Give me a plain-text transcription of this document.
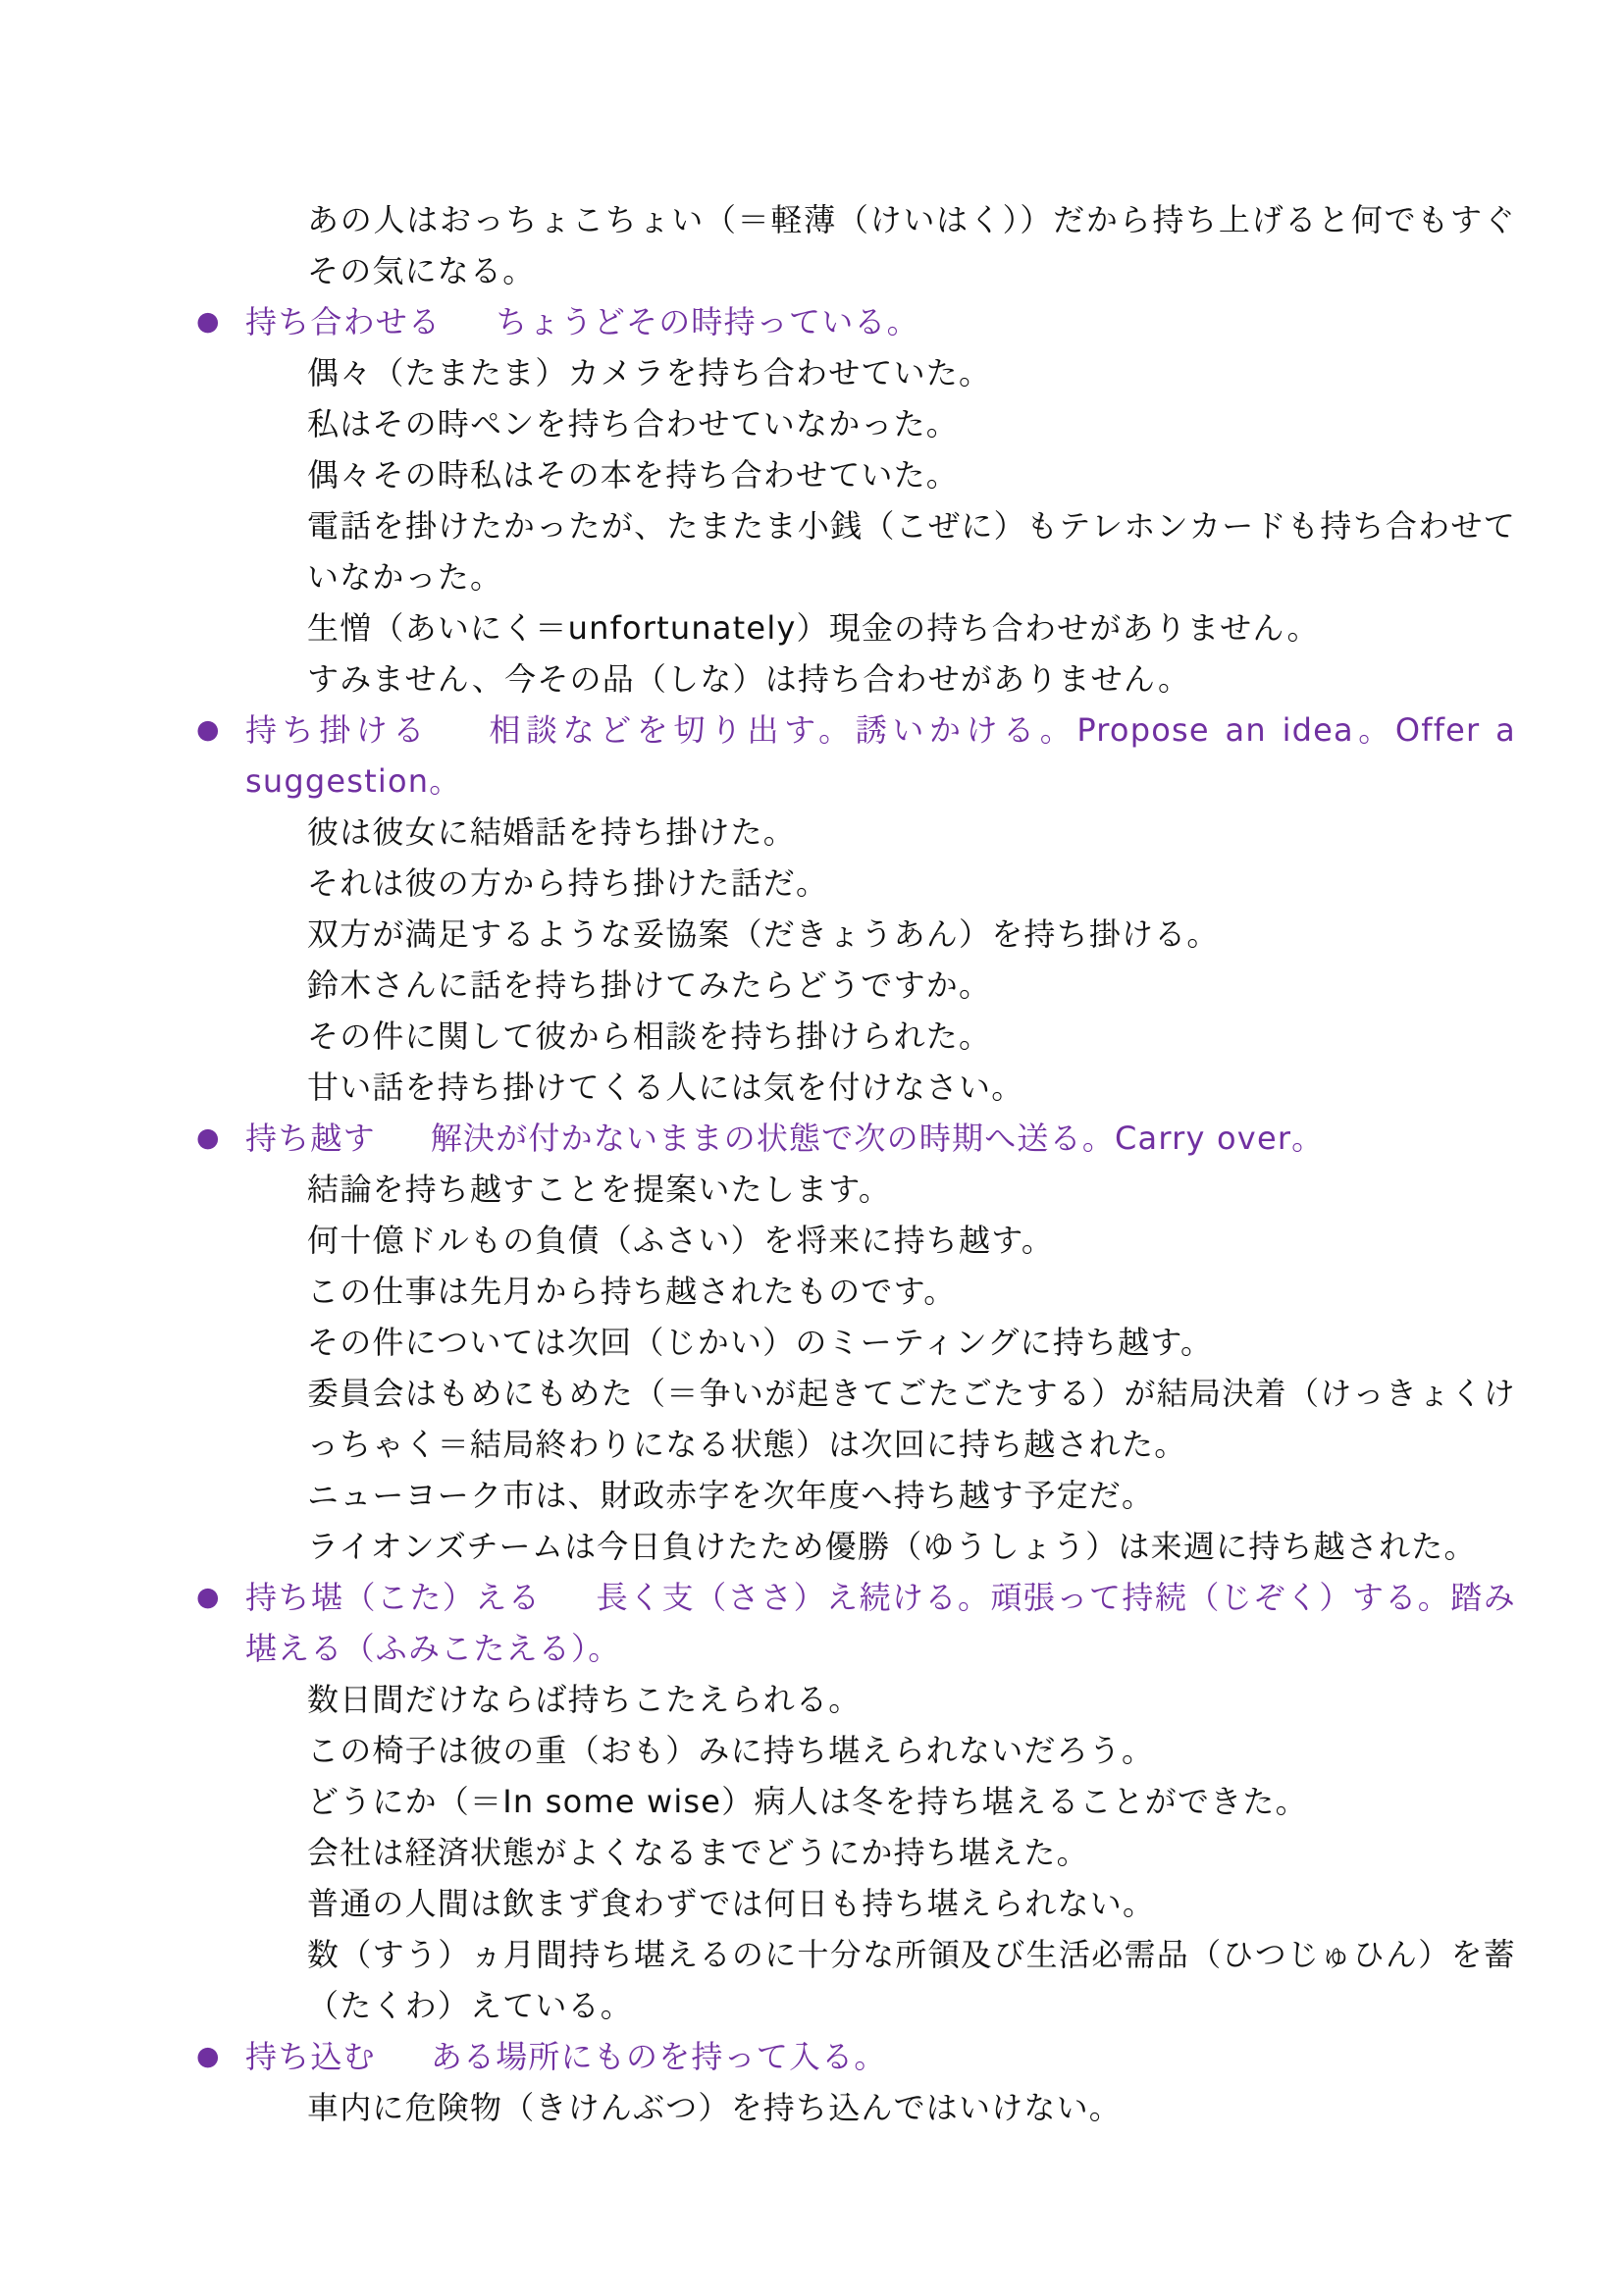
あの人はおっちょこちょい（＝軽薄（けいはく））だから持ち上げると何でもすぐその気になる。

● 持ち合わせる ちょうどその時持っている。

偶々（たまたま）カメラを持ち合わせていた。

私はその時ペンを持ち合わせていなかった。

偶々その時私はその本を持ち合わせていた。

電話を掛けたかったが、たまたま小銭（こぜに）もテレホンカードも持ち合わせていなかった。

生憎（あいにく＝unfortunately）現金の持ち合わせがありません。

すみません、今その品（しな）は持ち合わせがありません。

● 持ち掛ける 相談などを切り出す。誘いかける。Propose an idea。Offer a suggestion。

彼は彼女に結婚話を持ち掛けた。

それは彼の方から持ち掛けた話だ。

双方が満足するような妥協案（だきょうあん）を持ち掛ける。

鈴木さんに話を持ち掛けてみたらどうですか。

その件に関して彼から相談を持ち掛けられた。

甘い話を持ち掛けてくる人には気を付けなさい。

● 持ち越す 解決が付かないままの状態で次の時期へ送る。Carry over。

結論を持ち越すことを提案いたします。

何十億ドルもの負債（ふさい）を将来に持ち越す。

この仕事は先月から持ち越されたものです。

その件については次回（じかい）のミーティングに持ち越す。

委員会はもめにもめた（＝争いが起きてごたごたする）が結局決着（けっきょくけっちゃく＝結局終わりになる状態）は次回に持ち越された。

ニューヨーク市は、財政赤字を次年度へ持ち越す予定だ。

ライオンズチームは今日負けたため優勝（ゆうしょう）は来週に持ち越された。

● 持ち堪（こた）える 長く支（ささ）え続ける。頑張って持続（じぞく）する。踏み堪える（ふみこたえる）。

数日間だけならば持ちこたえられる。

この椅子は彼の重（おも）みに持ち堪えられないだろう。

どうにか（＝In some wise）病人は冬を持ち堪えることができた。

会社は経済状態がよくなるまでどうにか持ち堪えた。

普通の人間は飲まず食わずでは何日も持ち堪えられない。

数（すう）ヵ月間持ち堪えるのに十分な所領及び生活必需品（ひつじゅひん）を蓄（たくわ）えている。

● 持ち込む ある場所にものを持って入る。

車内に危険物（きけんぶつ）を持ち込んではいけない。
